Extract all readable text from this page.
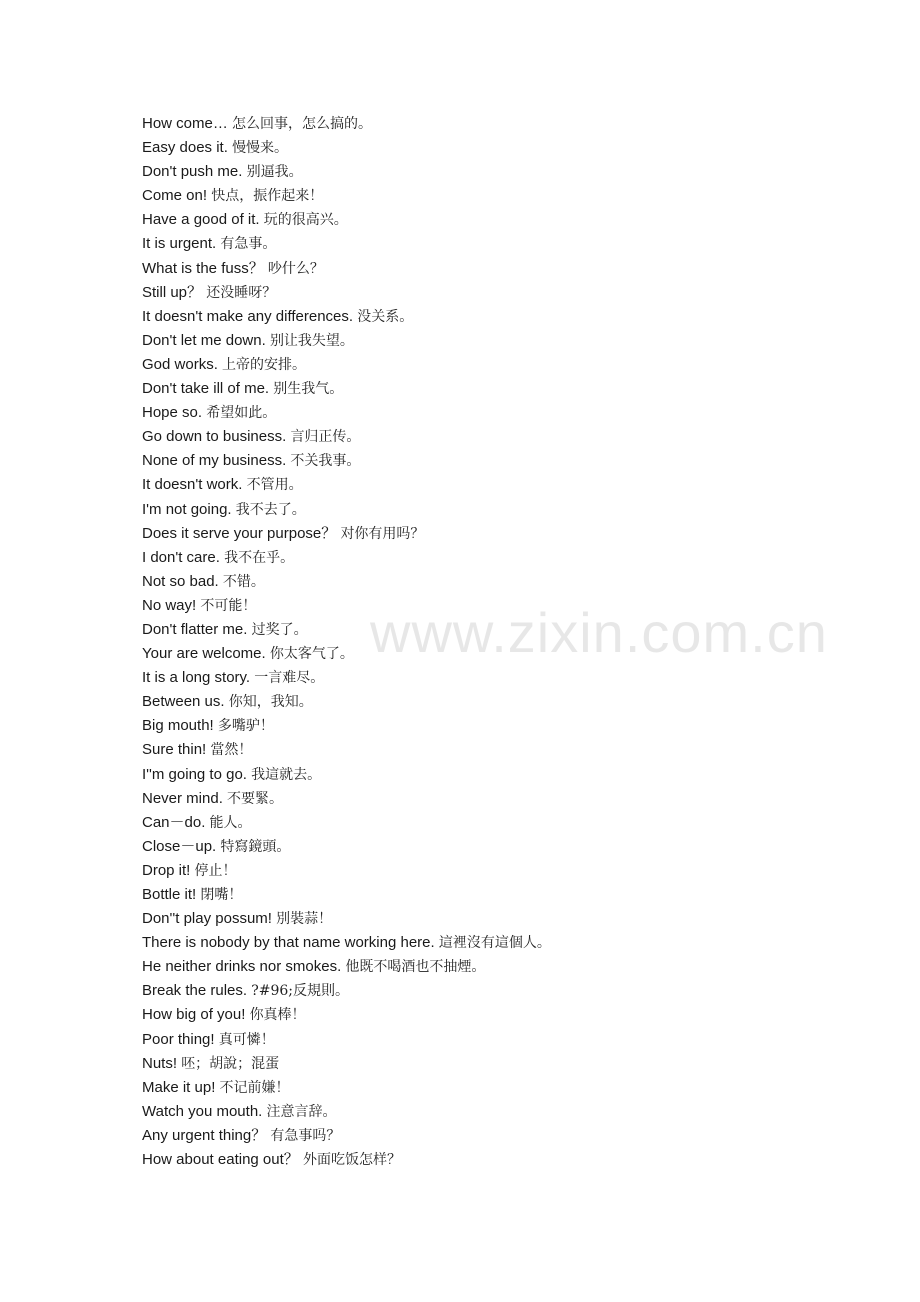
How come… 怎么回事，怎么搞的。
Easy does it. 慢慢来。
Don't push me. 别逼我。
Come on! 快点，振作起来！
Have a good of it. 玩的很高兴。
It is urgent. 有急事。
What is the fuss？ 吵什么？
Still up？ 还没睡呀？
It doesn't make any differences. 没关系。
Don't let me down. 别让我失望。
God works. 上帝的安排。
Don't take ill of me. 别生我气。
Hope so. 希望如此。
Go down to business. 言归正传。
None of my business. 不关我事。
It doesn't work. 不管用。
I'm not going. 我不去了。
Does it serve your purpose？ 对你有用吗？
I don't care. 我不在乎。
Not so bad. 不错。
No way! 不可能！
Don't flatter me. 过奖了。
Your are welcome. 你太客气了。
It is a long story. 一言难尽。
Between us. 你知，我知。
Big mouth! 多嘴驴！
Sure thin! 當然！
I''m going to go. 我這就去。
Never mind. 不要緊。
Can－do. 能人。
Close－up. 特寫鏡頭。
Drop it! 停止！
Bottle it! 閉嘴！
Don''t play possum! 別裝蒜！
There is nobody by that name working here. 這裡沒有這個人。
He neither drinks nor smokes. 他既不喝酒也不抽煙。
Break the rules. ?#96;反規則。
How big of you! 你真棒！
Poor thing! 真可憐！
Nuts! 呸；胡說；混蛋
Make it up! 不记前嫌！
Watch you mouth. 注意言辞。
Any urgent thing？ 有急事吗？
How about eating out？ 外面吃饭怎样？
www.zixin.com.cn
